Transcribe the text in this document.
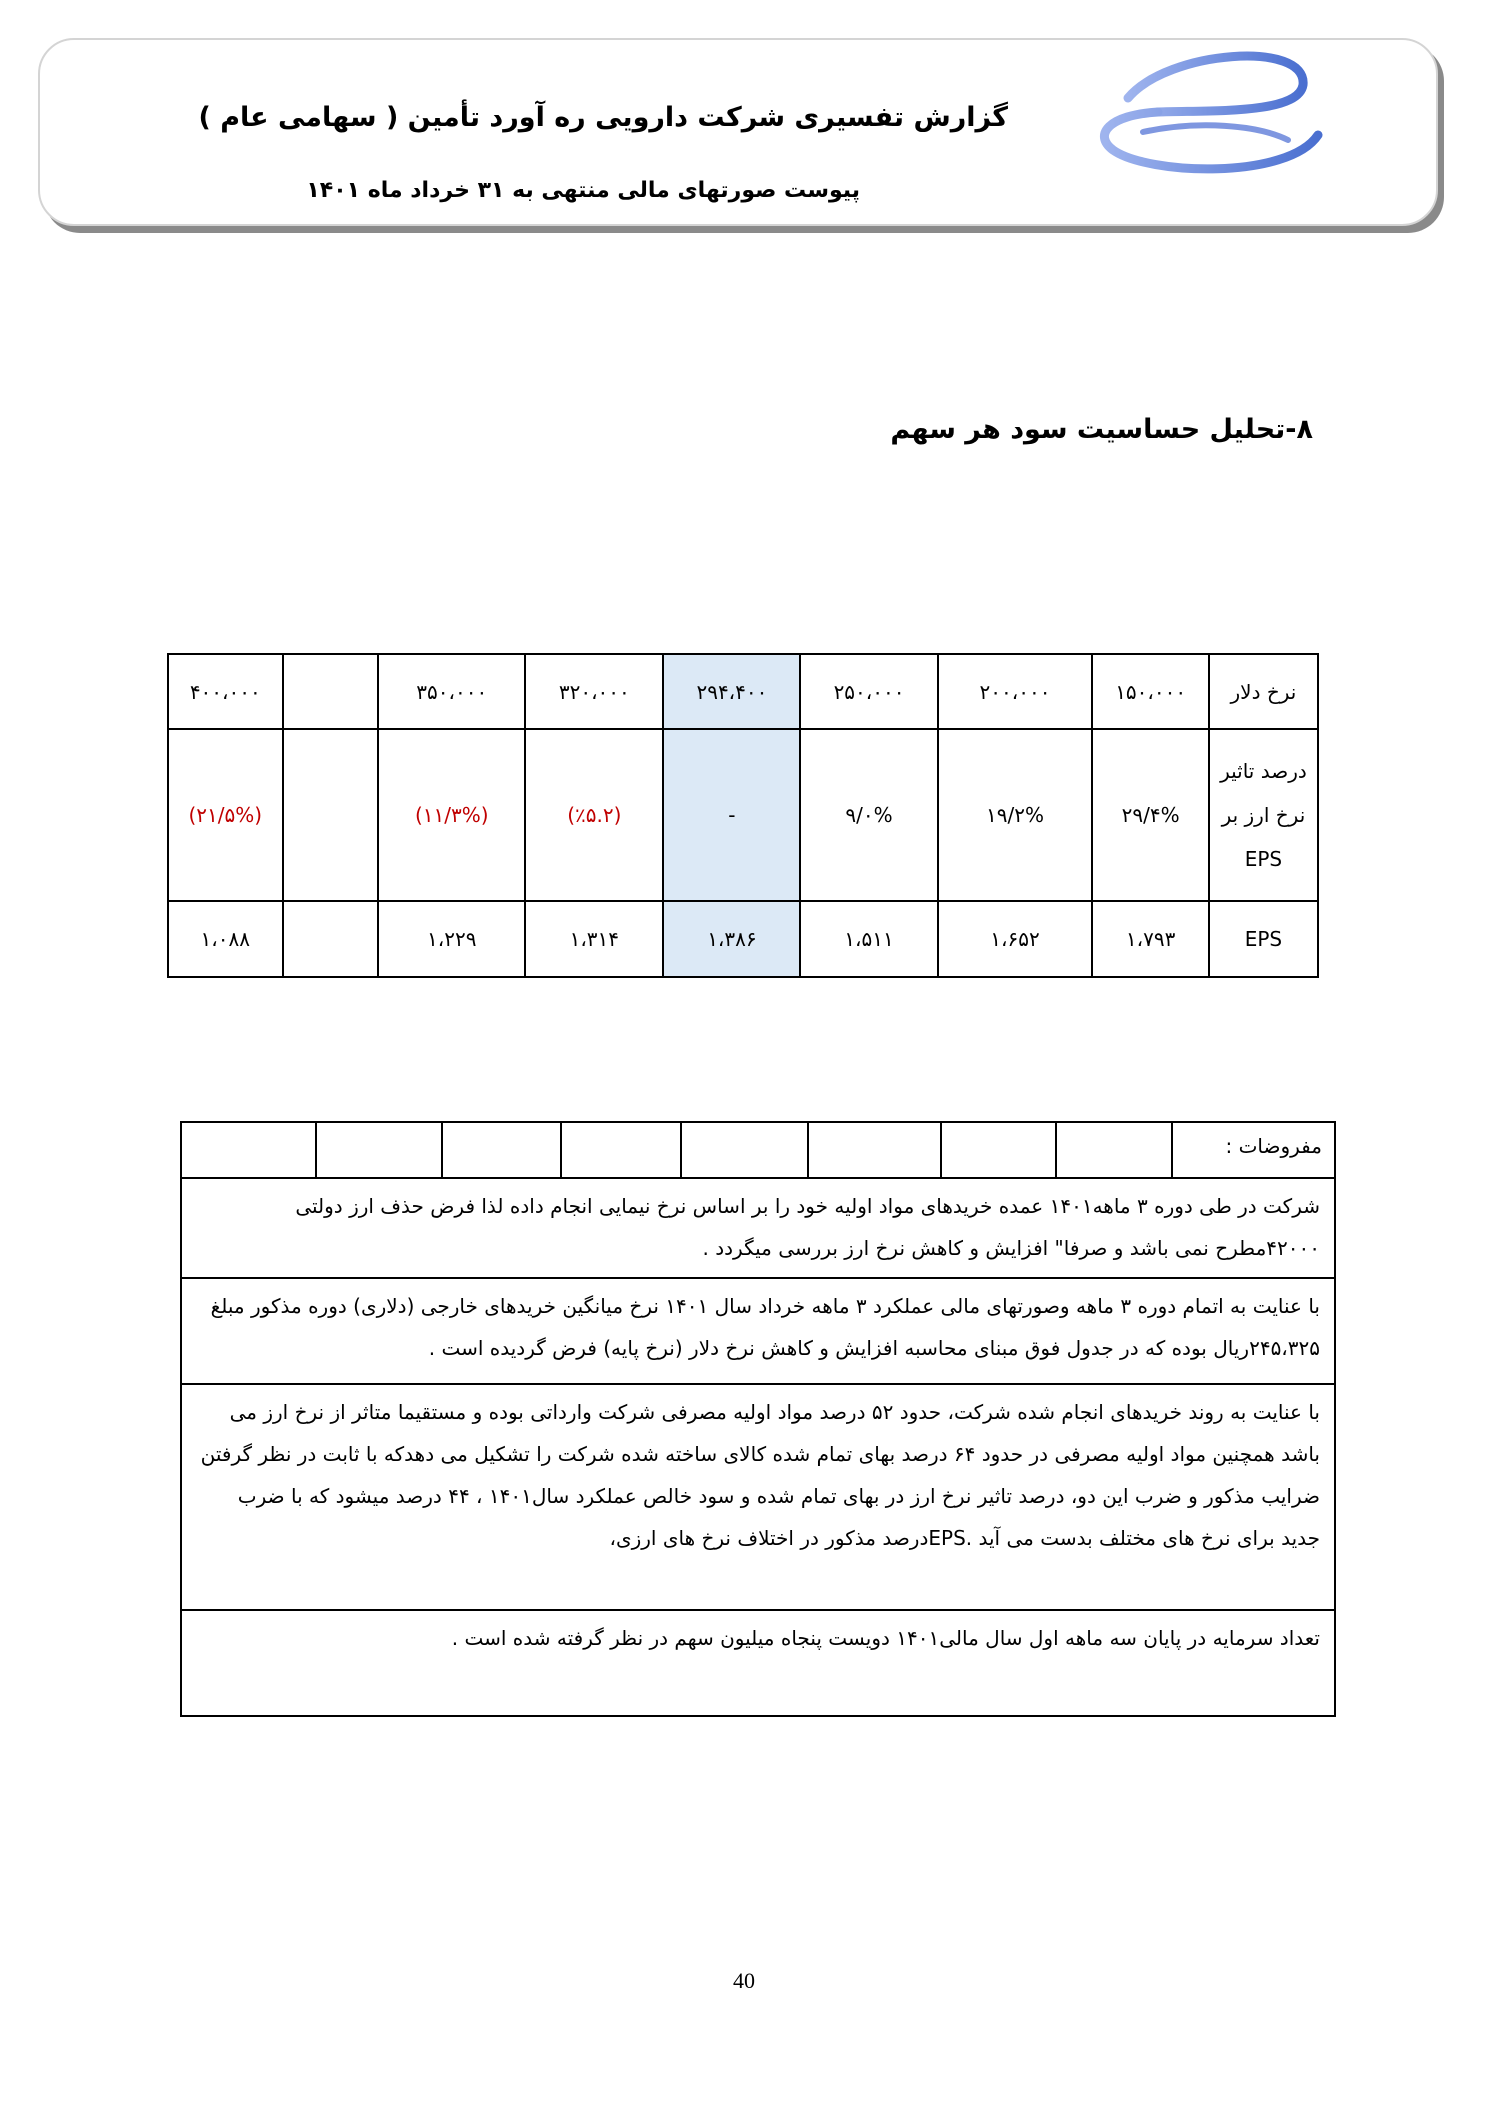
گزارش تفسیری شرکت دارویی ره آورد تأمین ( سهامی عام )
پیوست صورتهای مالی منتهی به ۳۱ خرداد ماه ۱۴۰۱
۸-تحلیل حساسیت سود هر سهم
نرخ دلار	۱۵۰،۰۰۰	۲۰۰،۰۰۰	۲۵۰،۰۰۰	۲۹۴،۴۰۰	۳۲۰،۰۰۰	۳۵۰،۰۰۰		۴۰۰،۰۰۰
درصد تاثیر نرخ ارز بر EPS	۲۹/۴%	۱۹/۲%	۹/۰%	-	(٪۵.۲)	(۱۱/۳%)		(۲۱/۵%)
EPS	۱،۷۹۳	۱،۶۵۲	۱،۵۱۱	۱،۳۸۶	۱،۳۱۴	۱،۲۲۹		۱،۰۸۸
مفروضات :								
شرکت در طی دوره ۳ ماهه۱۴۰۱ عمده خریدهای مواد اولیه خود را بر اساس نرخ نیمایی انجام داده لذا فرض حذف ارز دولتی ۴۲۰۰۰مطرح نمی باشد و صرفا" افزایش و کاهش نرخ ارز بررسی میگردد .
با عنایت به اتمام دوره ۳ ماهه وصورتهای مالی عملکرد ۳ ماهه خرداد سال ۱۴۰۱ نرخ میانگین خریدهای خارجی (دلاری) دوره مذکور مبلغ ۲۴۵،۳۲۵ریال بوده که در جدول فوق مبنای محاسبه افزایش و کاهش نرخ دلار (نرخ پایه) فرض گردیده است .
با عنایت به روند خریدهای انجام شده شرکت، حدود ۵۲ درصد مواد اولیه مصرفی شرکت وارداتی بوده و مستقیما متاثر از نرخ ارز می باشد همچنین مواد اولیه مصرفی در حدود ۶۴ درصد بهای تمام شده کالای ساخته شده شرکت را تشکیل می دهدکه با ثابت در نظر گرفتن ضرایب مذکور و ضرب این دو، درصد تاثیر نرخ ارز در بهای تمام شده و سود خالص عملکرد سال۱۴۰۱ ، ۴۴ درصد میشود که با ضرب جدید برای نرخ های مختلف بدست می آید .EPSدرصد مذکور در اختلاف نرخ های ارزی،
تعداد سرمایه در پایان سه ماهه اول سال مالی۱۴۰۱ دویست پنجاه میلیون سهم در نظر گرفته شده است .
40
